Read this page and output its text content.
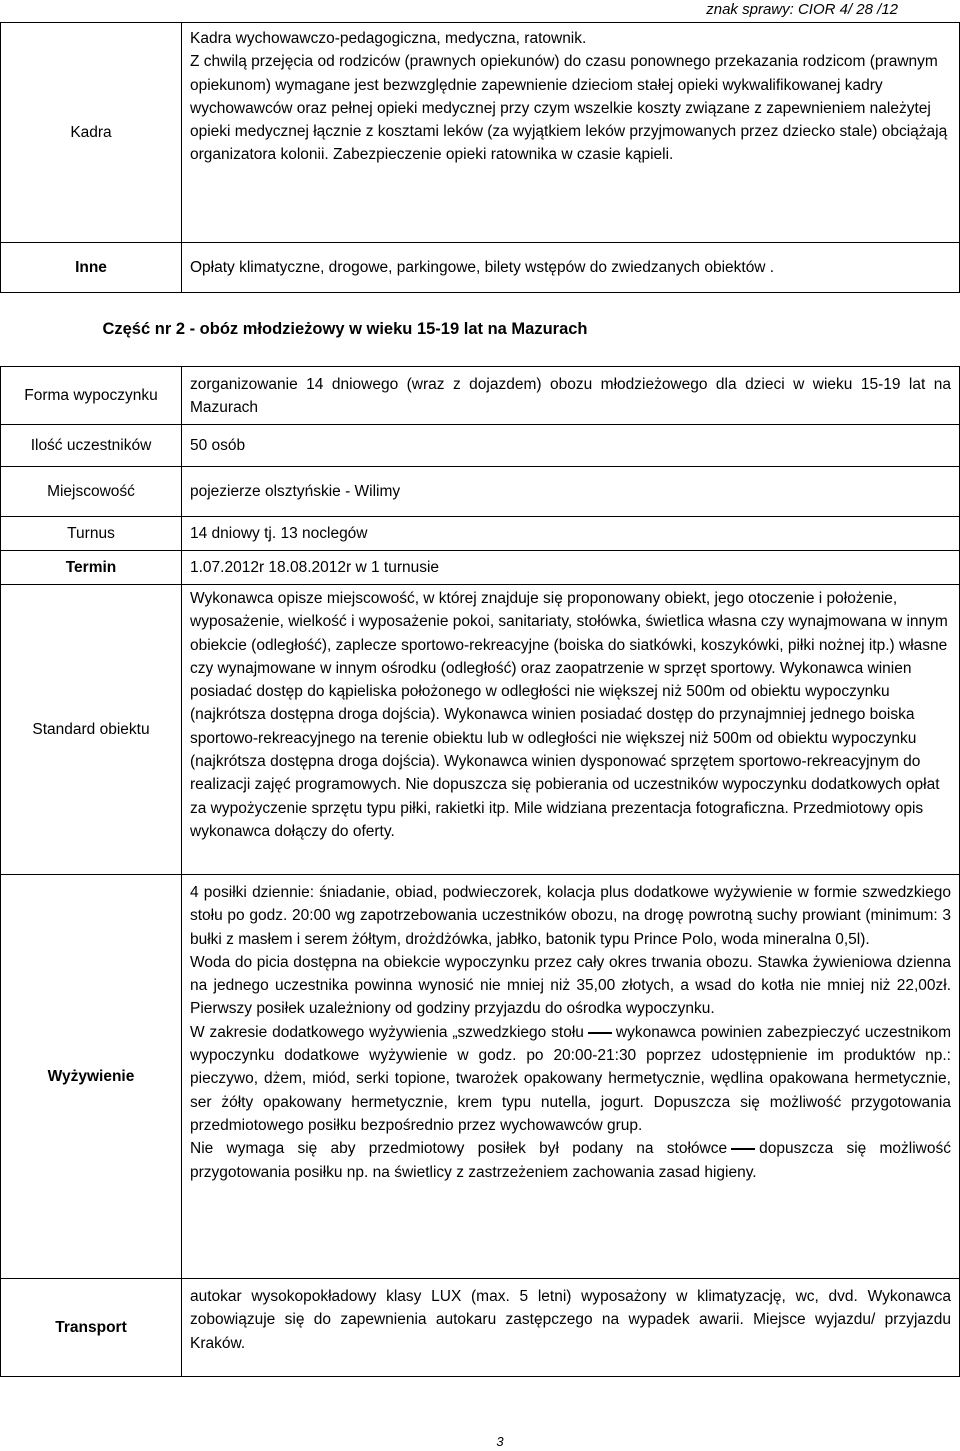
znak sprawy: CIOR 4/ 28 /12
Kadra	Kadra wychowawczo-pedagogiczna, medyczna, ratownik.
Z chwilą przejęcia od rodziców (prawnych opiekunów) do czasu ponownego przekazania rodzicom (prawnym opiekunom) wymagane jest bezwzględnie zapewnienie dzieciom stałej opieki wykwalifikowanej kadry wychowawców oraz pełnej opieki medycznej przy czym wszelkie koszty związane z zapewnieniem należytej opieki medycznej łącznie z kosztami leków (za wyjątkiem leków przyjmowanych przez dziecko stale) obciążają organizatora kolonii. Zabezpieczenie opieki ratownika w czasie kąpieli.
Inne	Opłaty klimatyczne, drogowe, parkingowe, bilety wstępów do zwiedzanych obiektów .
Część nr 2 - obóz młodzieżowy w wieku 15-19 lat na Mazurach
Forma wypoczynku	zorganizowanie 14 dniowego (wraz z dojazdem) obozu młodzieżowego dla dzieci w wieku 15-19 lat na Mazurach
Ilość uczestników	50 osób
Miejscowość	pojezierze olsztyńskie - Wilimy
Turnus	14 dniowy tj. 13 noclegów
Termin	1.07.2012r 18.08.2012r w 1 turnusie
Standard obiektu	Wykonawca opisze miejscowość, w której znajduje się proponowany obiekt, jego otoczenie i położenie, wyposażenie, wielkość i wyposażenie pokoi, sanitariaty, stołówka, świetlica własna czy wynajmowana w innym obiekcie (odległość), zaplecze sportowo-rekreacyjne (boiska do siatkówki, koszykówki, piłki nożnej itp.) własne czy wynajmowane w innym ośrodku (odległość) oraz zaopatrzenie w sprzęt sportowy. Wykonawca winien posiadać dostęp do kąpieliska położonego w odległości nie większej niż 500m od obiektu wypoczynku (najkrótsza dostępna droga dojścia). Wykonawca winien posiadać dostęp do przynajmniej jednego boiska sportowo-rekreacyjnego na terenie obiektu lub w odległości nie większej niż 500m od obiektu wypoczynku (najkrótsza dostępna droga dojścia). Wykonawca winien dysponować sprzętem sportowo-rekreacyjnym do realizacji zajęć programowych. Nie dopuszcza się pobierania od uczestników wypoczynku dodatkowych opłat za wypożyczenie sprzętu typu piłki, rakietki itp. Mile widziana prezentacja fotograficzna. Przedmiotowy opis wykonawca dołączy do oferty.
Wyżywienie	4 posiłki dziennie: śniadanie, obiad, podwieczorek, kolacja plus dodatkowe wyżywienie w formie szwedzkiego stołu po godz. 20:00 wg zapotrzebowania uczestników obozu, na drogę powrotną suchy prowiant (minimum: 3 bułki z masłem i serem żółtym, drożdżówka, jabłko, batonik typu Prince Polo, woda mineralna 0,5l).

Woda do picia dostępna na obiekcie wypoczynku przez cały okres trwania obozu. Stawka żywieniowa dzienna na jednego uczestnika powinna wynosić nie mniej niż 35,00 złotych, a wsad do kotła nie mniej niż 22,00zł. Pierwszy posiłek uzależniony od godziny przyjazdu do ośrodka wypoczynku.

W zakresie dodatkowego wyżywienia „szwedzkiego stołu wykonawca powinien zabezpieczyć uczestnikom wypoczynku dodatkowe wyżywienie w godz. po 20:00-21:30 poprzez udostępnienie im produktów np.: pieczywo, dżem, miód, serki topione, twarożek opakowany hermetycznie, wędlina opakowana hermetycznie, ser żółty opakowany hermetycznie, krem typu nutella, jogurt. Dopuszcza się możliwość przygotowania przedmiotowego posiłku bezpośrednio przez wychowawców grup.

Nie wymaga się aby przedmiotowy posiłek był podany na stołówce dopuszcza się możliwość przygotowania posiłku np. na świetlicy z zastrzeżeniem zachowania zasad higieny.

Transport	autokar wysokopokładowy klasy LUX (max. 5 letni) wyposażony w klimatyzację, wc, dvd. Wykonawca zobowiązuje się do zapewnienia autokaru zastępczego na wypadek awarii. Miejsce wyjazdu/ przyjazdu Kraków.
3
